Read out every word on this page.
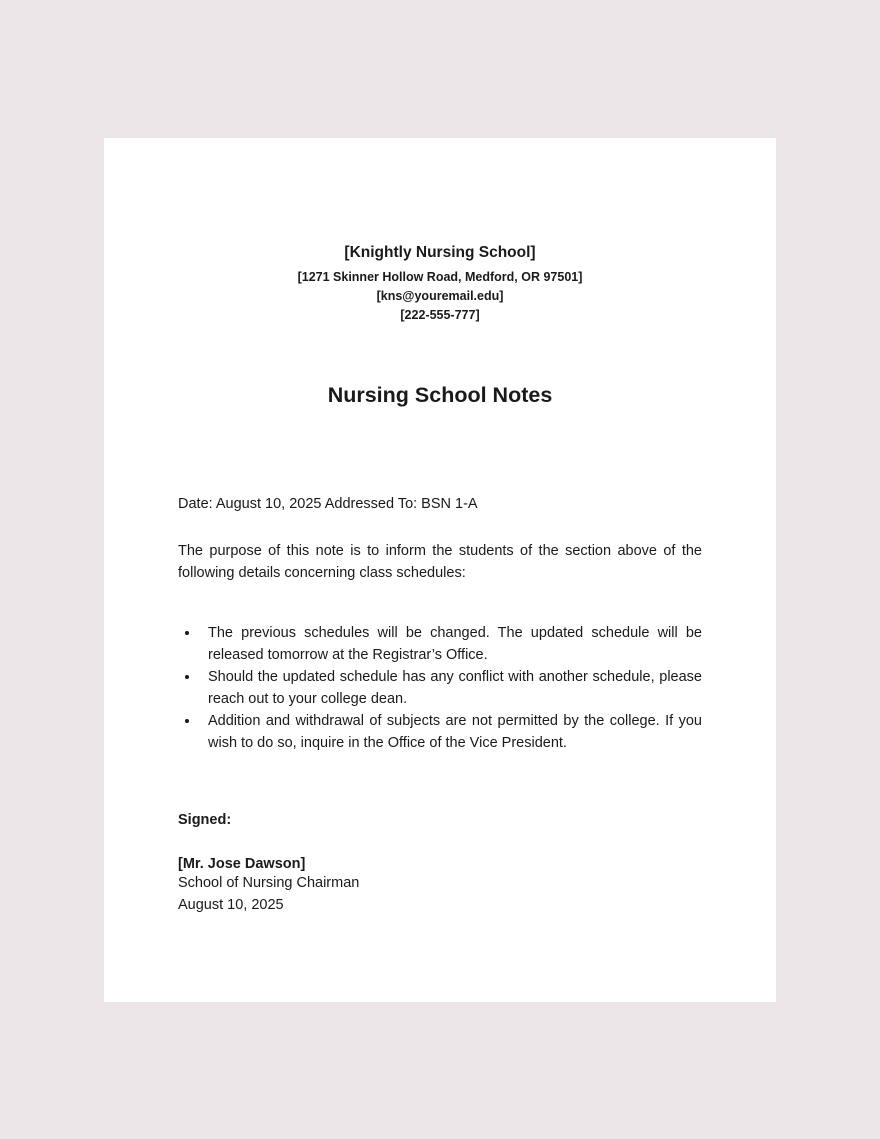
[Knightly Nursing School]
[1271 Skinner Hollow Road, Medford, OR 97501]
[kns@youremail.edu]
[222-555-777]
Nursing School Notes
Date: August 10, 2025 Addressed To: BSN 1-A

The purpose of this note is to inform the students of the section above of the following details concerning class schedules:

• The previous schedules will be changed. The updated schedule will be released tomorrow at the Registrar’s Office.
• Should the updated schedule has any conflict with another schedule, please reach out to your college dean.
• Addition and withdrawal of subjects are not permitted by the college. If you wish to do so, inquire in the Office of the Vice President.
Signed:
[Mr. Jose Dawson]
School of Nursing Chairman
August 10, 2025
